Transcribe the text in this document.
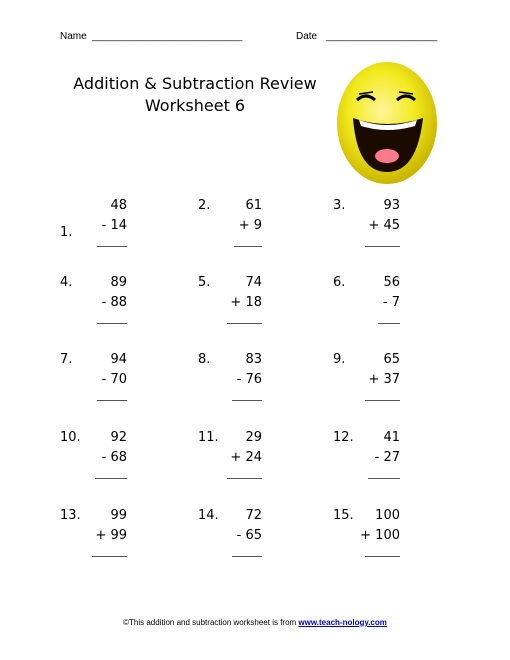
Name ___________________________	Date ____________________
Addition & Subtraction Review
Worksheet 6
1.
48
- 14
2.	61
+ 9
3.	93
+ 45
4.	89
- 88
5.	74
+ 18
6.	56
- 7
7.	94
- 70
8.	83
- 76
9.	65
+ 37
10.	92
- 68
11.	29
+ 24
12.	41
- 27
13.	99
+ 99
14.	72
- 65
15.	100
+ 100
©This addition and subtraction worksheet is from www.teach-nology.com
